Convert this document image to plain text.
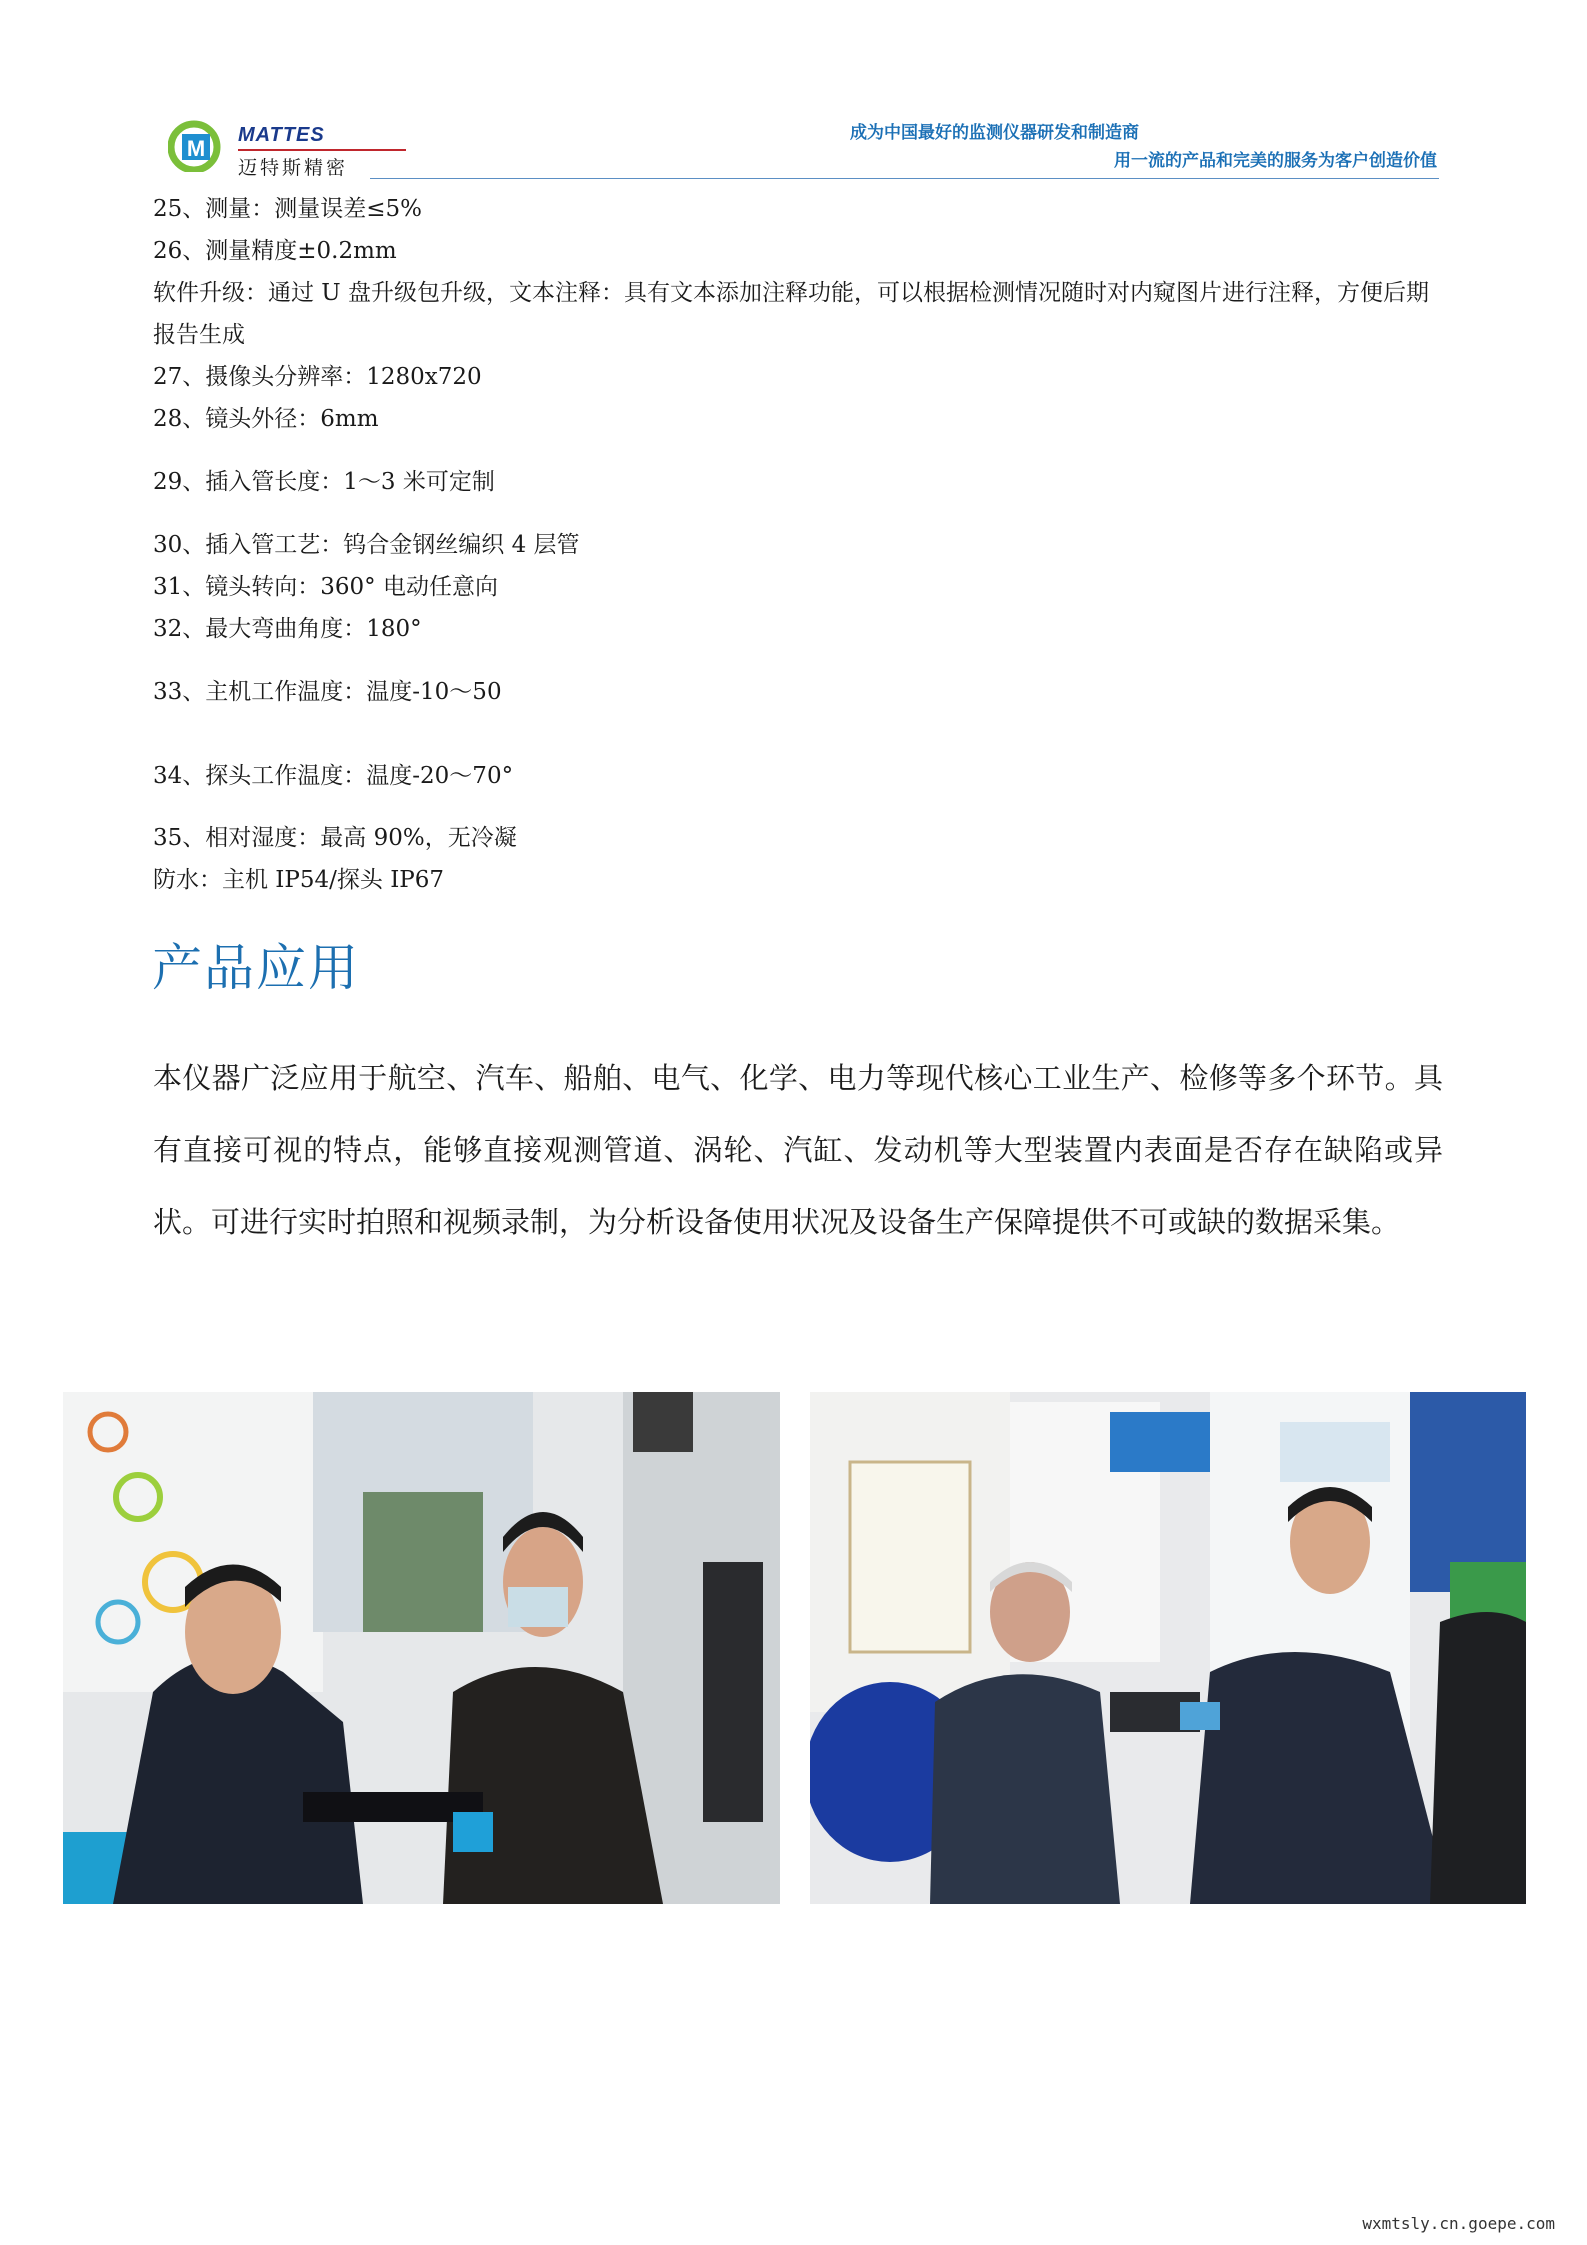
M
MATTES
迈特斯精密
成为中国最好的监测仪器研发和制造商
用一流的产品和完美的服务为客户创造价值
25、测量：测量误差≤5%
26、测量精度±0.2mm
软件升级：通过 U 盘升级包升级，文本注释：具有文本添加注释功能，可以根据检测情况随时对内窥图片进行注释，方便后期报告生成
27、摄像头分辨率：1280x720
28、镜头外径：6mm
29、插入管长度：1～3 米可定制
30、插入管工艺：钨合金钢丝编织 4 层管
31、镜头转向：360° 电动任意向
32、最大弯曲角度：180°
33、主机工作温度：温度-10～50
34、探头工作温度：温度-20～70°
35、相对湿度：最高 90%，无冷凝
防水：主机 IP54/探头 IP67
产品应用
本仪器广泛应用于航空、汽车、船舶、电气、化学、电力等现代核心工业生产、检修等多个环节。具有直接可视的特点，能够直接观测管道、涡轮、汽缸、发动机等大型装置内表面是否存在缺陷或异状。可进行实时拍照和视频录制，为分析设备使用状况及设备生产保障提供不可或缺的数据采集。
wxmtsly.cn.goepe.com
